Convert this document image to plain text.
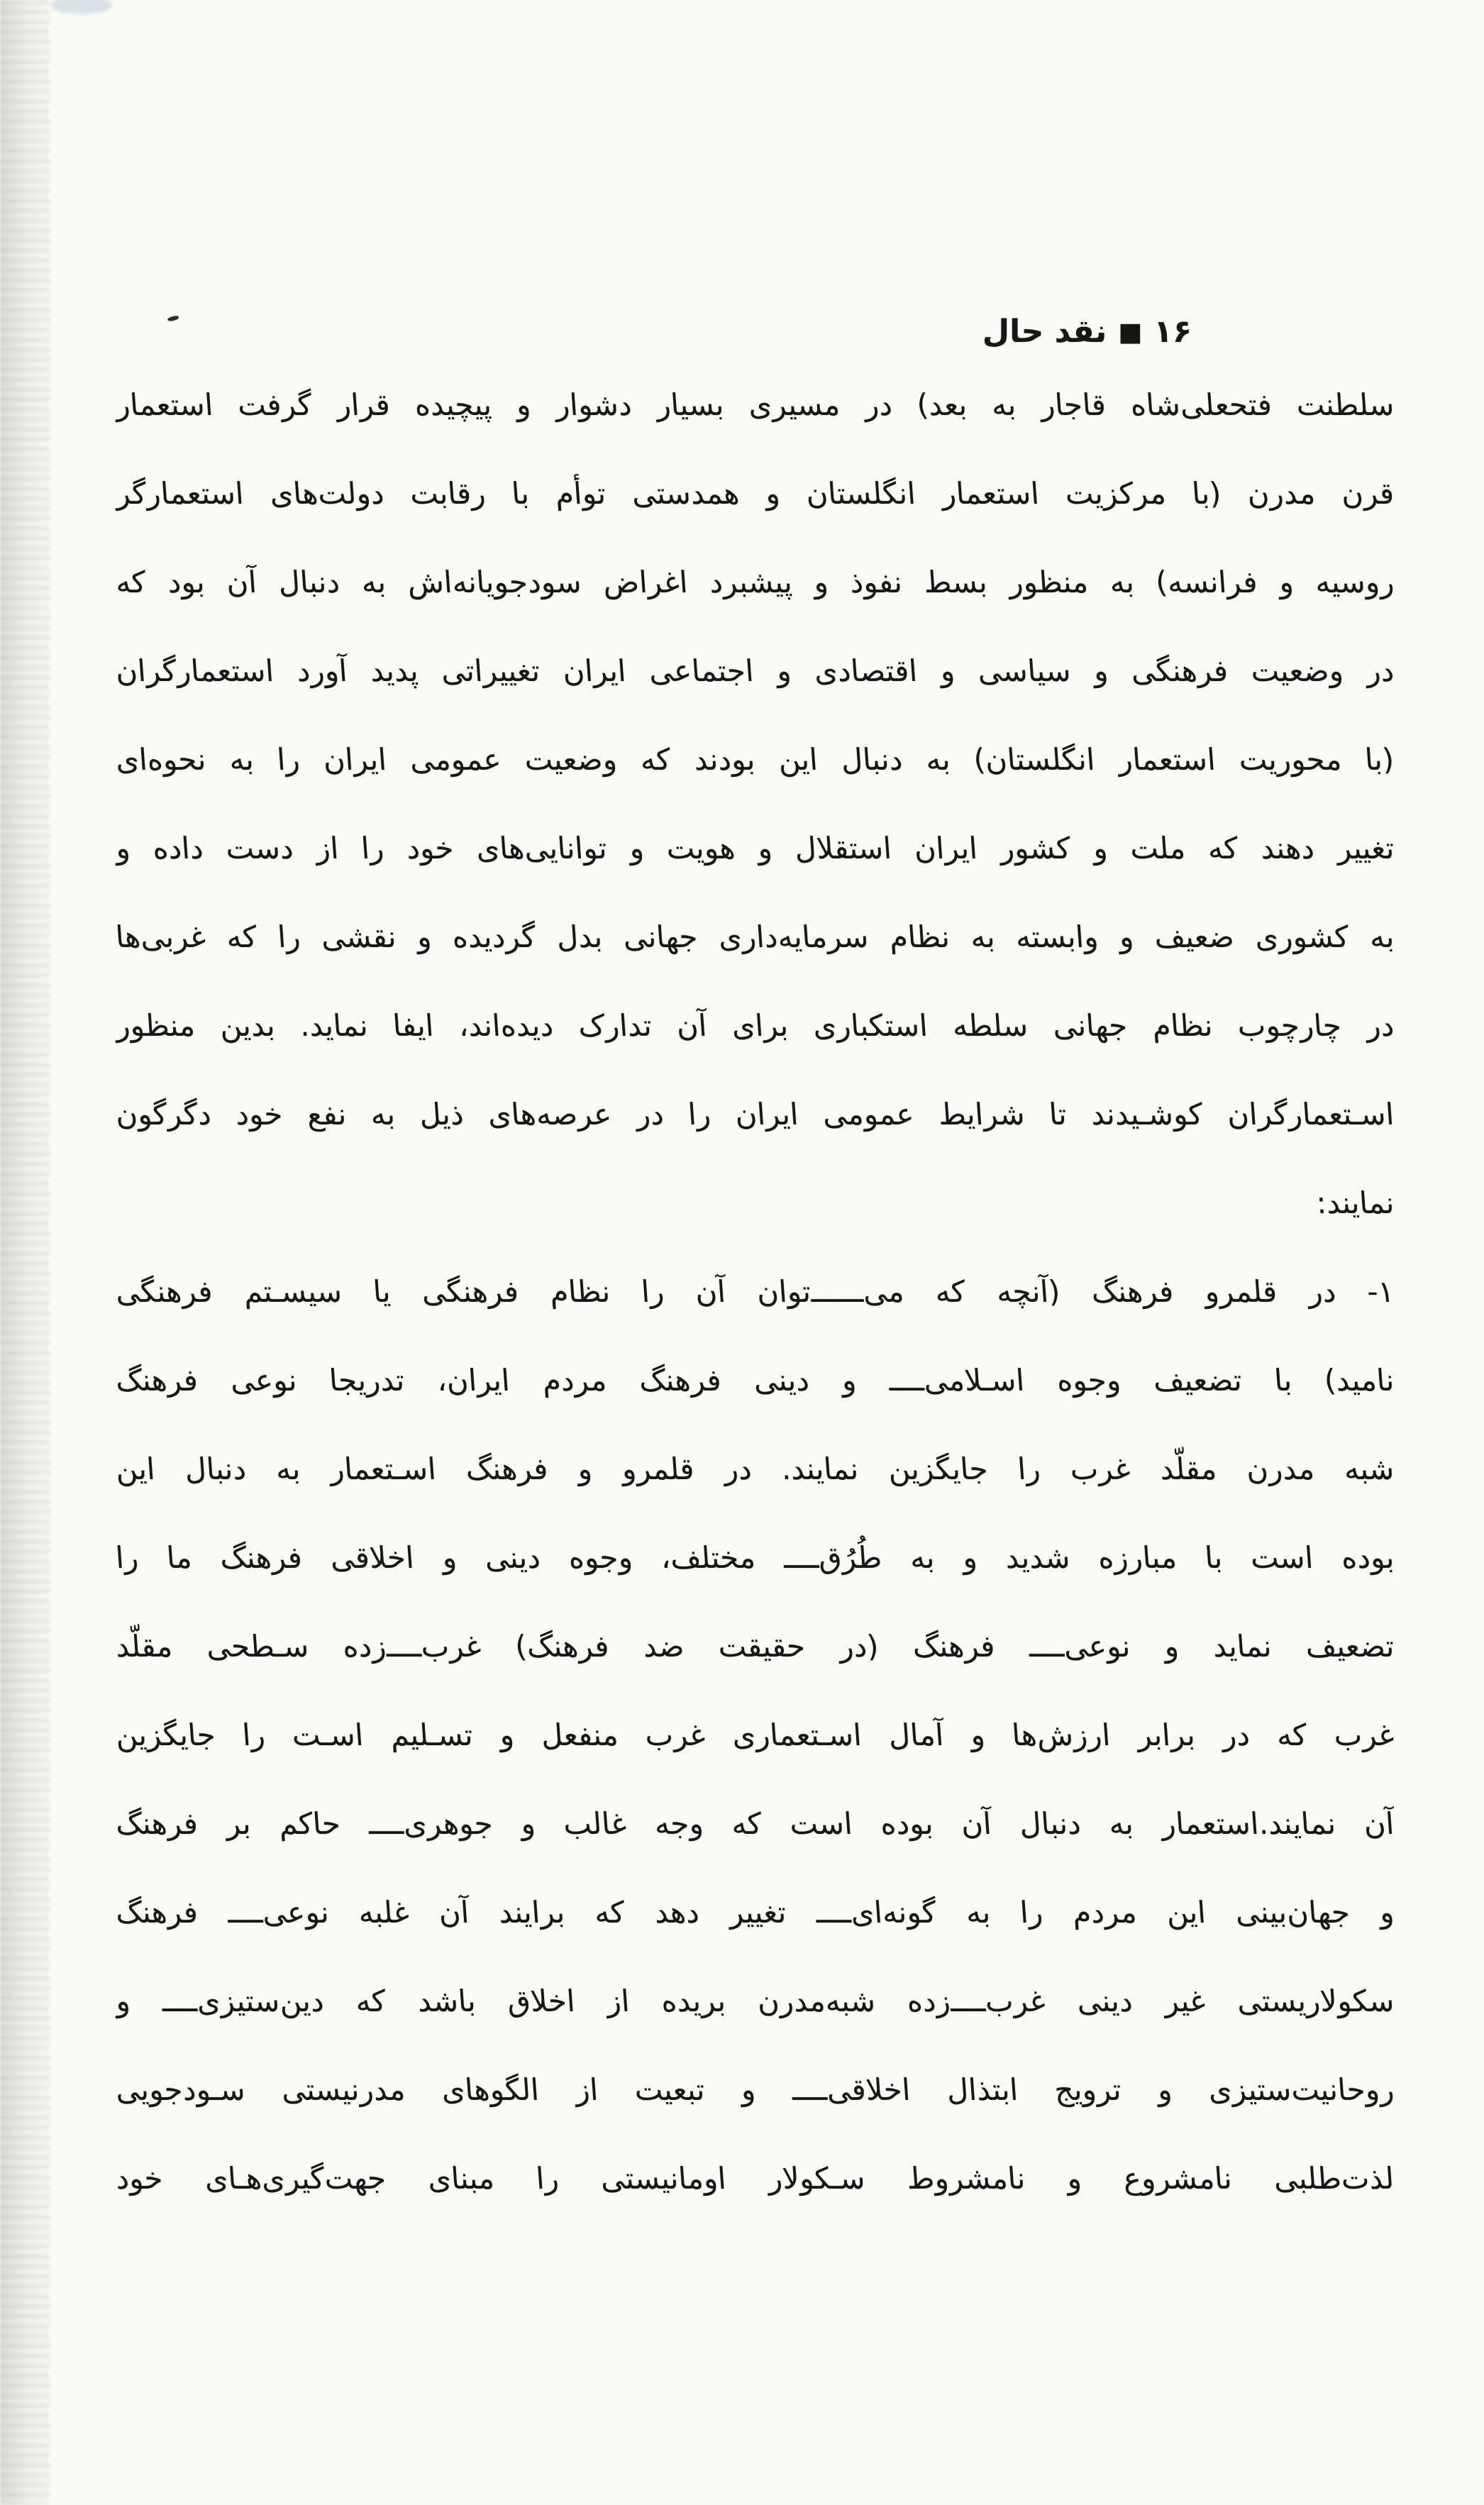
۱۶■نقد حال
سلطنت فتحعلی‌شاه قاجار به بعد) در مسیری بسیار دشوار و پیچیده قرار گرفت استعمار
قرن مدرن (با مرکزیت استعمار انگلستان و همدستی توأم با رقابت دولت‌های استعمارگر
روسیه و فرانسه) به منظور بسط نفوذ و پیشبرد اغراض سودجویانه‌اش به دنبال آن بود که
در وضعیت فرهنگی و سیاسی و اقتصادی و اجتماعی ایران تغییراتی پدید آورد استعمارگران
(با محوریت استعمار انگلستان) به دنبال این بودند که وضعیت عمومی ایران را به نحوه‌ای
تغییر دهند که ملت و کشور ایران استقلال و هویت و توانایی‌های خود را از دست داده و
به کشوری ضعیف و وابسته به نظام سرمایه‌داری جهانی بدل گردیده و نقشی را که غربی‌ها
در چارچوب نظام جهانی سلطه استکباری برای آن تدارک دیده‌اند، ایفا نماید. بدین منظور
اسـتعمارگران کوشـیدند تا شرایط عمومی ایران را در عرصه‌های ذیل به نفع خود دگرگون
نمایند:
۱- در قلمرو فرهنگ (آنچه که می‌ــــــ‌توان آن را نظام فرهنگی یا سیسـتم فرهنگی
نامید) با تضعیف وجوه اسـلامی‌ــــ و دینی فرهنگ مردم ایران، تدریجا نوعی فرهنگ
شبه مدرن مقلّد غرب را جایگزین نمایند. در قلمرو و فرهنگ اسـتعمار به دنبال این
بوده است با مبارزه شدید و به طُرُق‌ــــ مختلف، وجوه دینی و اخلاقی فرهنگ ما را
تضعیف نماید و نوعی‌ــــ فرهنگ (در حقیقت ضد فرهنگ) غرب‌ــــ‌زده سـطحی مقلّد
غرب که در برابر ارزش‌ها و آمال اسـتعماری غرب منفعل و تسـلیم اسـت را جایگزین
آن نمایند.استعمار به دنبال آن بوده است که وجه غالب و جوهری‌ــــ حاکم بر فرهنگ
و جهان‌بینی این مردم را به گونه‌ای‌ــــ تغییر دهد که برایند آن غلبه نوعی‌ــــ فرهنگ
سکولاریستی غیر دینی غرب‌ــــ‌زده شبه‌مدرن بریده از اخلاق باشد که دین‌ستیزی‌ــــ و
روحانیت‌ستیزی و ترویج ابتذال اخلاقی‌ــــ و تبعیت از الگوهای مدرنیستی سـودجویی
لذت‌طلبی نامشروع و نامشروط سـکولار اومانیستی را مبنای جهت‌گیری‌هـای خود
